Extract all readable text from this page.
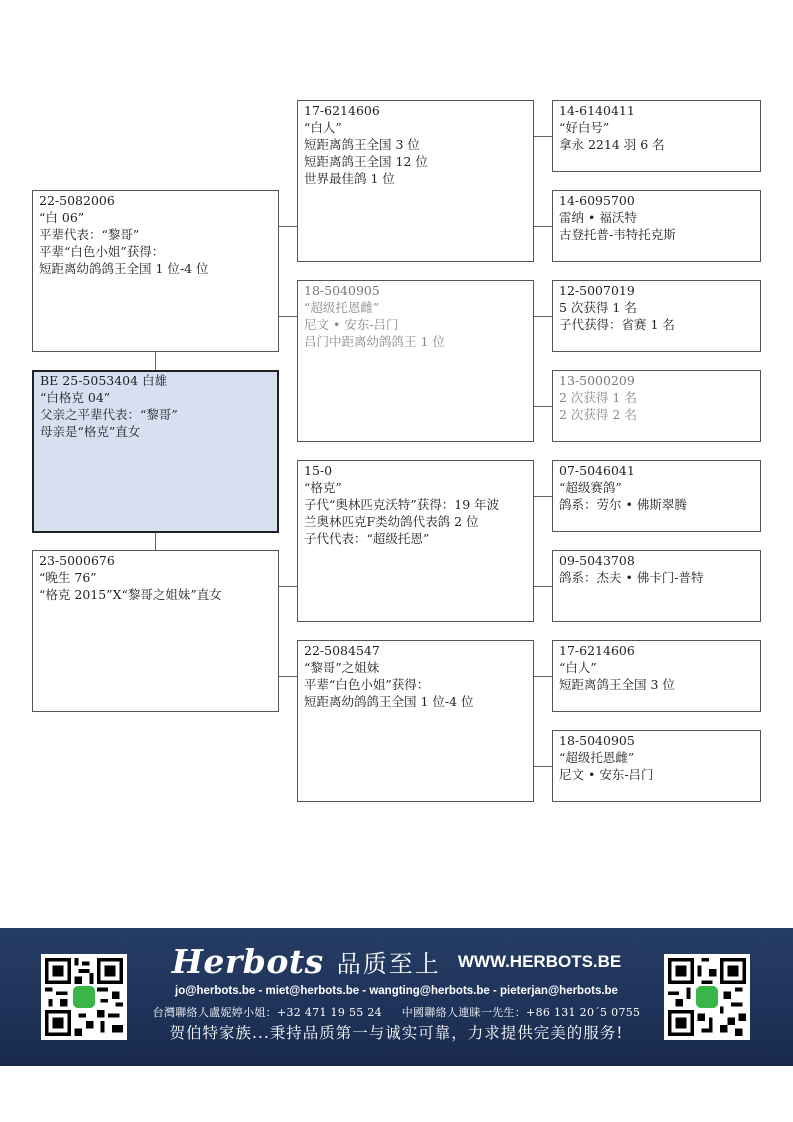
BE 25-5053404 白雄
“白格克 04”
父亲之平辈代表：“黎哥”
母亲是“格克”直女
22-5082006
“白 06”
平辈代表：“黎哥”
平辈“白色小姐”获得：
短距离幼鸽鸽王全国 1 位-4 位
23-5000676
“晚生 76”
“格克 2015”X“黎哥之姐妹”直女
17-6214606
“白人”
短距离鸽王全国 3 位
短距离鸽王全国 12 位
世界最佳鸽 1 位
18-5040905
“超级托恩雌”
尼文 • 安东-吕门
吕门中距离幼鸽鸽王 1 位
15-0
“格克”
子代“奥林匹克沃特”获得：19 年波
兰奥林匹克F类幼鸽代表鸽 2 位
子代代表：“超级托恩”
22-5084547
“黎哥”之姐妹
平辈“白色小姐”获得：
短距离幼鸽鸽王全国 1 位-4 位
14-6140411
“好白号”
拿永 2214 羽 6 名
14-6095700
雷纳 • 福沃特
古登托普-韦特托克斯
12-5007019
5 次获得 1 名
子代获得：省赛 1 名
13-5000209
2 次获得 1 名
2 次获得 2 名
07-5046041
“超级赛鸽”
鸽系：劳尔 • 佛斯翠腾
09-5043708
鸽系：杰夫 • 佛卡门-普特
17-6214606
“白人”
短距离鸽王全国 3 位
18-5040905
“超级托恩雌”
尼文 • 安东-吕门
Herbots 品质至上 WWW.HERBOTS.BE
jo@herbots.be - miet@herbots.be - wangting@herbots.be - pieterjan@herbots.be
台灣聯絡人盧妮婷小姐：+32 471 19 55 24 中國聯絡人連睐一先生：+86 131 20´5 0755
贺伯特家族...秉持品质第一与诚实可靠，力求提供完美的服务!
